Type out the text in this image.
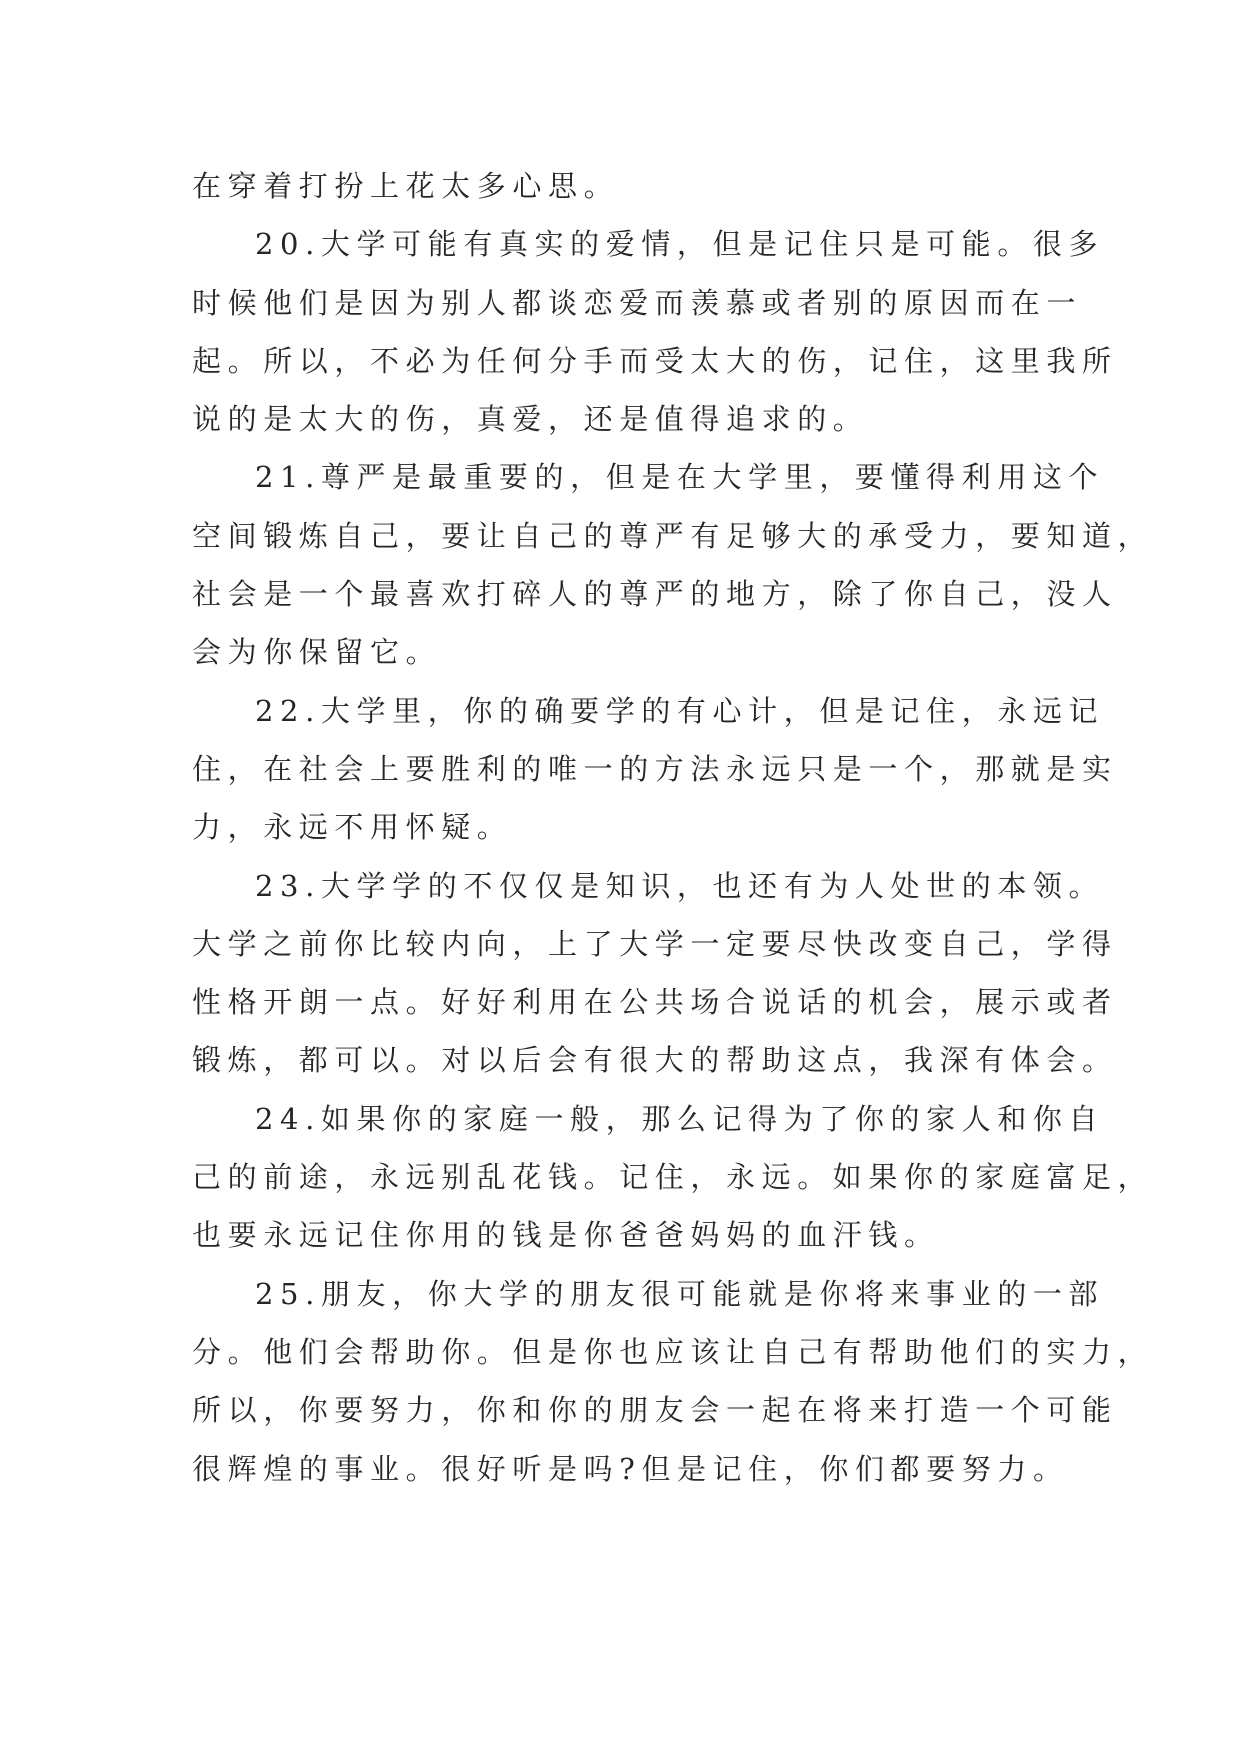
在穿着打扮上花太多心思。
20.大学可能有真实的爱情，但是记住只是可能。很多
时候他们是因为别人都谈恋爱而羡慕或者别的原因而在一
起。所以，不必为任何分手而受太大的伤，记住，这里我所
说的是太大的伤，真爱，还是值得追求的。
21.尊严是最重要的，但是在大学里，要懂得利用这个
空间锻炼自己，要让自己的尊严有足够大的承受力，要知道，
社会是一个最喜欢打碎人的尊严的地方，除了你自己，没人
会为你保留它。
22.大学里，你的确要学的有心计，但是记住，永远记
住，在社会上要胜利的唯一的方法永远只是一个，那就是实
力，永远不用怀疑。
23.大学学的不仅仅是知识，也还有为人处世的本领。
大学之前你比较内向，上了大学一定要尽快改变自己，学得
性格开朗一点。好好利用在公共场合说话的机会，展示或者
锻炼，都可以。对以后会有很大的帮助这点，我深有体会。
24.如果你的家庭一般，那么记得为了你的家人和你自
己的前途，永远别乱花钱。记住，永远。如果你的家庭富足，
也要永远记住你用的钱是你爸爸妈妈的血汗钱。
25.朋友，你大学的朋友很可能就是你将来事业的一部
分。他们会帮助你。但是你也应该让自己有帮助他们的实力，
所以，你要努力，你和你的朋友会一起在将来打造一个可能
很辉煌的事业。很好听是吗?但是记住，你们都要努力。
